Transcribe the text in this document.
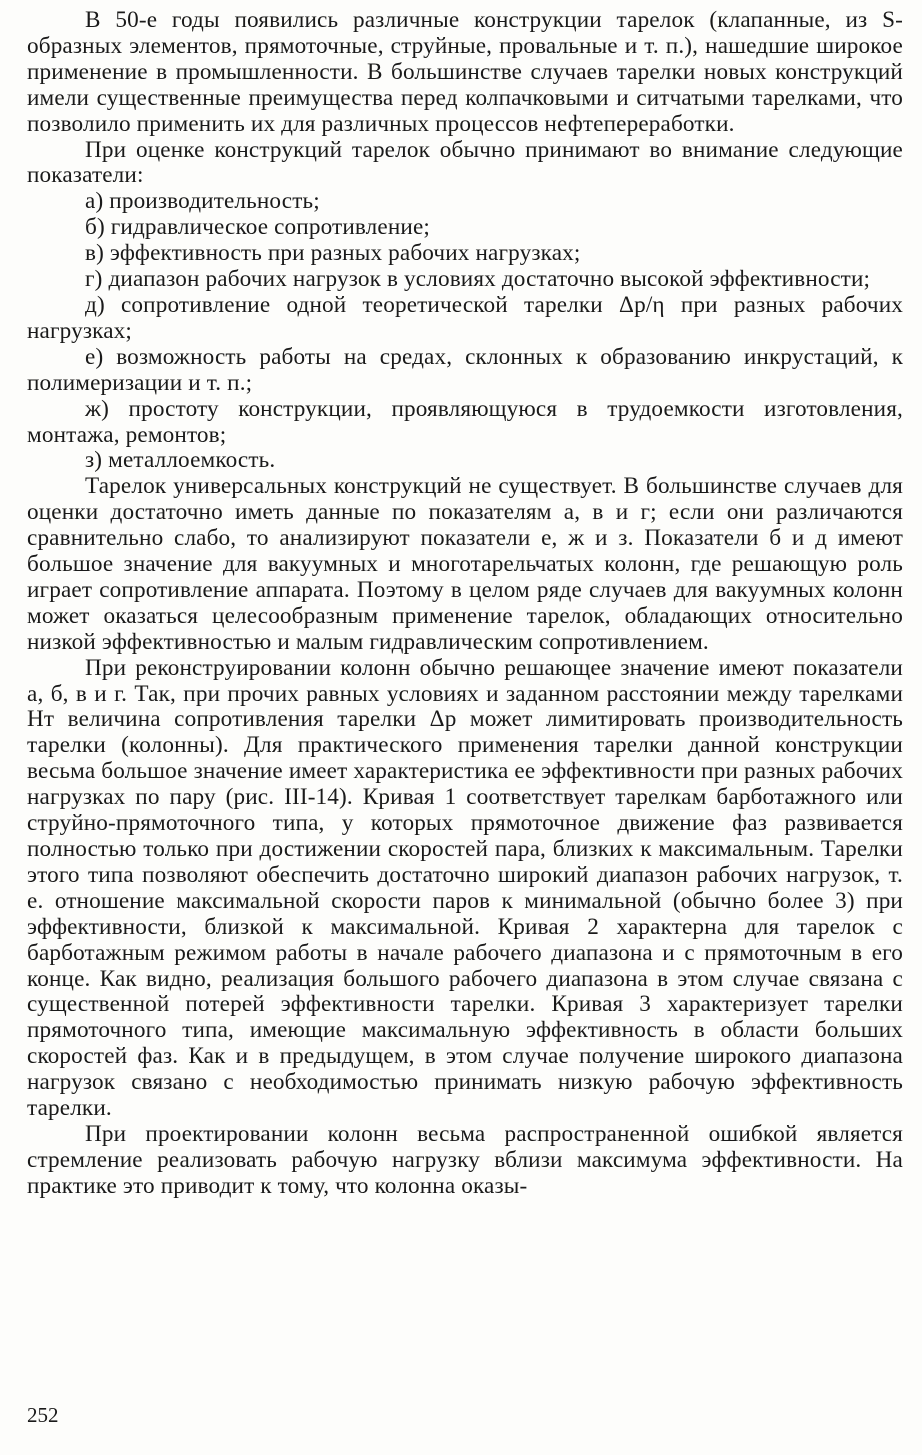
В 50-е годы появились различные конструкции тарелок (клапанные, из S-образных элементов, прямоточные, струйные, провальные и т. п.), нашедшие широкое применение в промышленности. В большинстве случаев тарелки новых конструкций имели существенные преимущества перед колпачковыми и ситчатыми тарелками, что позволило применить их для различных процессов нефтепереработки.

При оценке конструкций тарелок обычно принимают во внимание следующие показатели:

а) производительность;

б) гидравлическое сопротивление;

в) эффективность при разных рабочих нагрузках;

г) диапазон рабочих нагрузок в условиях достаточно высокой эффективности;

д) сопротивление одной теоретической тарелки Δp/η при разных рабочих нагрузках;

е) возможность работы на средах, склонных к образованию инкрустаций, к полимеризации и т. п.;

ж) простоту конструкции, проявляющуюся в трудоемкости изготовления, монтажа, ремонтов;

з) металлоемкость.

Тарелок универсальных конструкций не существует. В большинстве случаев для оценки достаточно иметь данные по показателям а, в и г; если они различаются сравнительно слабо, то анализируют показатели е, ж и з. Показатели б и д имеют большое значение для вакуумных и многотарельчатых колонн, где решающую роль играет сопротивление аппарата. Поэтому в целом ряде случаев для вакуумных колонн может оказаться целесообразным применение тарелок, обладающих относительно низкой эффективностью и малым гидравлическим сопротивлением.

При реконструировании колонн обычно решающее значение имеют показатели а, б, в и г. Так, при прочих равных условиях и заданном расстоянии между тарелками Hт величина сопротивления тарелки Δp может лимитировать производительность тарелки (колонны). Для практического применения тарелки данной конструкции весьма большое значение имеет характеристика ее эффективности при разных рабочих нагрузках по пару (рис. III-14). Кривая 1 соответствует тарелкам барботажного или струйно-прямоточного типа, у которых прямоточное движение фаз развивается полностью только при достижении скоростей пара, близких к максимальным. Тарелки этого типа позволяют обеспечить достаточно широкий диапазон рабочих нагрузок, т. е. отношение максимальной скорости паров к минимальной (обычно более 3) при эффективности, близкой к максимальной. Кривая 2 характерна для тарелок с барботажным режимом работы в начале рабочего диапазона и с прямоточным в его конце. Как видно, реализация большого рабочего диапазона в этом случае связана с существенной потерей эффективности тарелки. Кривая 3 характеризует тарелки прямоточного типа, имеющие максимальную эффективность в области больших скоростей фаз. Как и в предыдущем, в этом случае получение широкого диапазона нагрузок связано с необходимостью принимать низкую рабочую эффективность тарелки.

При проектировании колонн весьма распространенной ошибкой является стремление реализовать рабочую нагрузку вблизи максимума эффективности. На практике это приводит к тому, что колонна оказы-

252
